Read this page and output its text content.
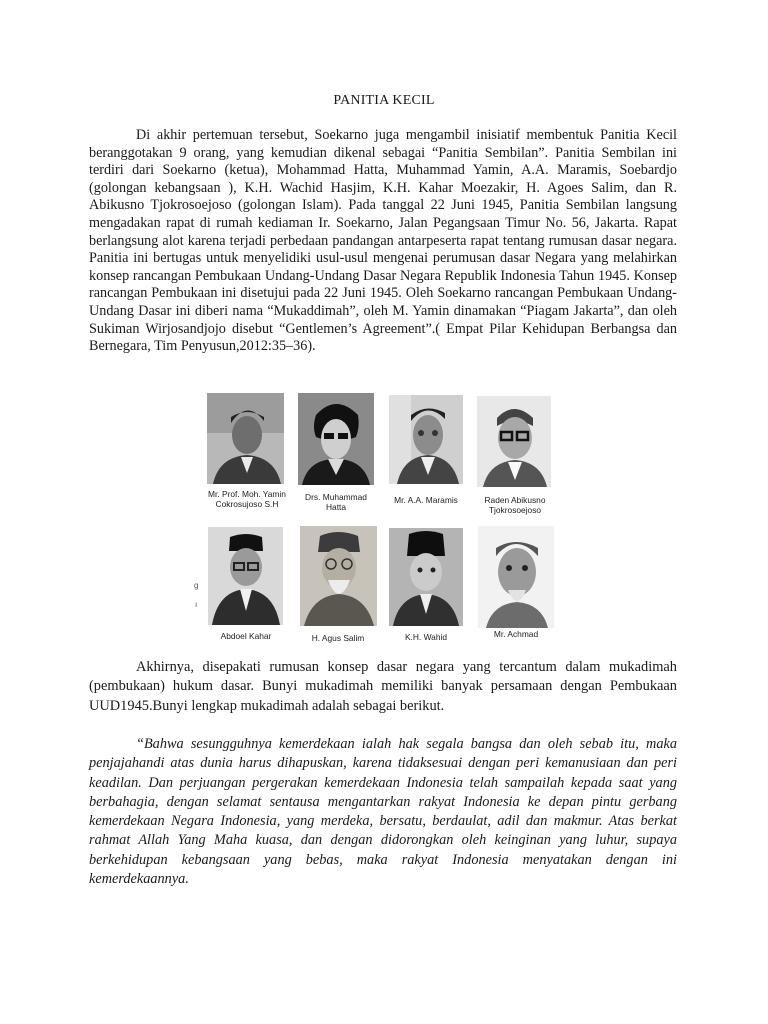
PANITIA KECIL

Di akhir pertemuan tersebut, Soekarno juga mengambil inisiatif membentuk Panitia Kecil beranggotakan 9 orang, yang kemudian dikenal sebagai “Panitia Sembilan”. Panitia Sembilan ini terdiri dari Soekarno (ketua), Mohammad Hatta, Muhammad Yamin, A.A. Maramis, Soebardjo (golongan kebangsaan ), K.H. Wachid Hasjim, K.H. Kahar Moezakir, H. Agoes Salim, dan R. Abikusno Tjokrosoejoso (golongan Islam). Pada tanggal 22 Juni 1945, Panitia Sembilan langsung mengadakan rapat di rumah kediaman Ir. Soekarno, Jalan Pegangsaan Timur No. 56, Jakarta. Rapat berlangsung alot karena terjadi perbedaan pandangan antarpeserta rapat tentang rumusan dasar negara. Panitia ini bertugas untuk menyelidiki usul-usul mengenai perumusan dasar Negara yang melahirkan konsep rancangan Pembukaan Undang-Undang Dasar Negara Republik Indonesia Tahun 1945. Konsep rancangan Pembukaan ini disetujui pada 22 Juni 1945. Oleh Soekarno rancangan Pembukaan Undang-Undang Dasar ini diberi nama “Mukaddimah”, oleh M. Yamin dinamakan “Piagam Jakarta”, dan oleh Sukiman Wirjosandjojo disebut “Gentlemen’s Agreement”.( Empat Pilar Kehidupan Berbangsa dan Bernegara, Tim Penyusun,2012:35–36).

Mr. Prof. Moh. Yamin
Cokrosujoso S.H
Drs. Muhammad
Hatta
Mr. A.A. Maramis	Raden Abikusno
Tjokrosoejoso
Abdoel Kahar	H. Agus Salim	K.H. Wahid	Mr. Achmad
g
ı

Akhirnya, disepakati rumusan konsep dasar negara yang tercantum dalam mukadimah (pembukaan) hukum dasar. Bunyi mukadimah memiliki banyak persamaan dengan Pembukaan UUD1945.Bunyi lengkap mukadimah adalah sebagai berikut.

“Bahwa sesungguhnya kemerdekaan ialah hak segala bangsa dan oleh sebab itu, maka penjajahandi atas dunia harus dihapuskan, karena tidaksesuai dengan peri kemanusiaan dan peri keadilan. Dan perjuangan pergerakan kemerdekaan Indonesia telah sampailah kepada saat yang berbahagia, dengan selamat sentausa mengantarkan rakyat Indonesia ke depan pintu gerbang kemerdekaan Negara Indonesia, yang merdeka, bersatu, berdaulat, adil dan makmur. Atas berkat rahmat Allah Yang Maha kuasa, dan dengan didorongkan oleh keinginan yang luhur, supaya berkehidupan kebangsaan yang bebas, maka rakyat Indonesia menyatakan dengan ini kemerdekaannya.
